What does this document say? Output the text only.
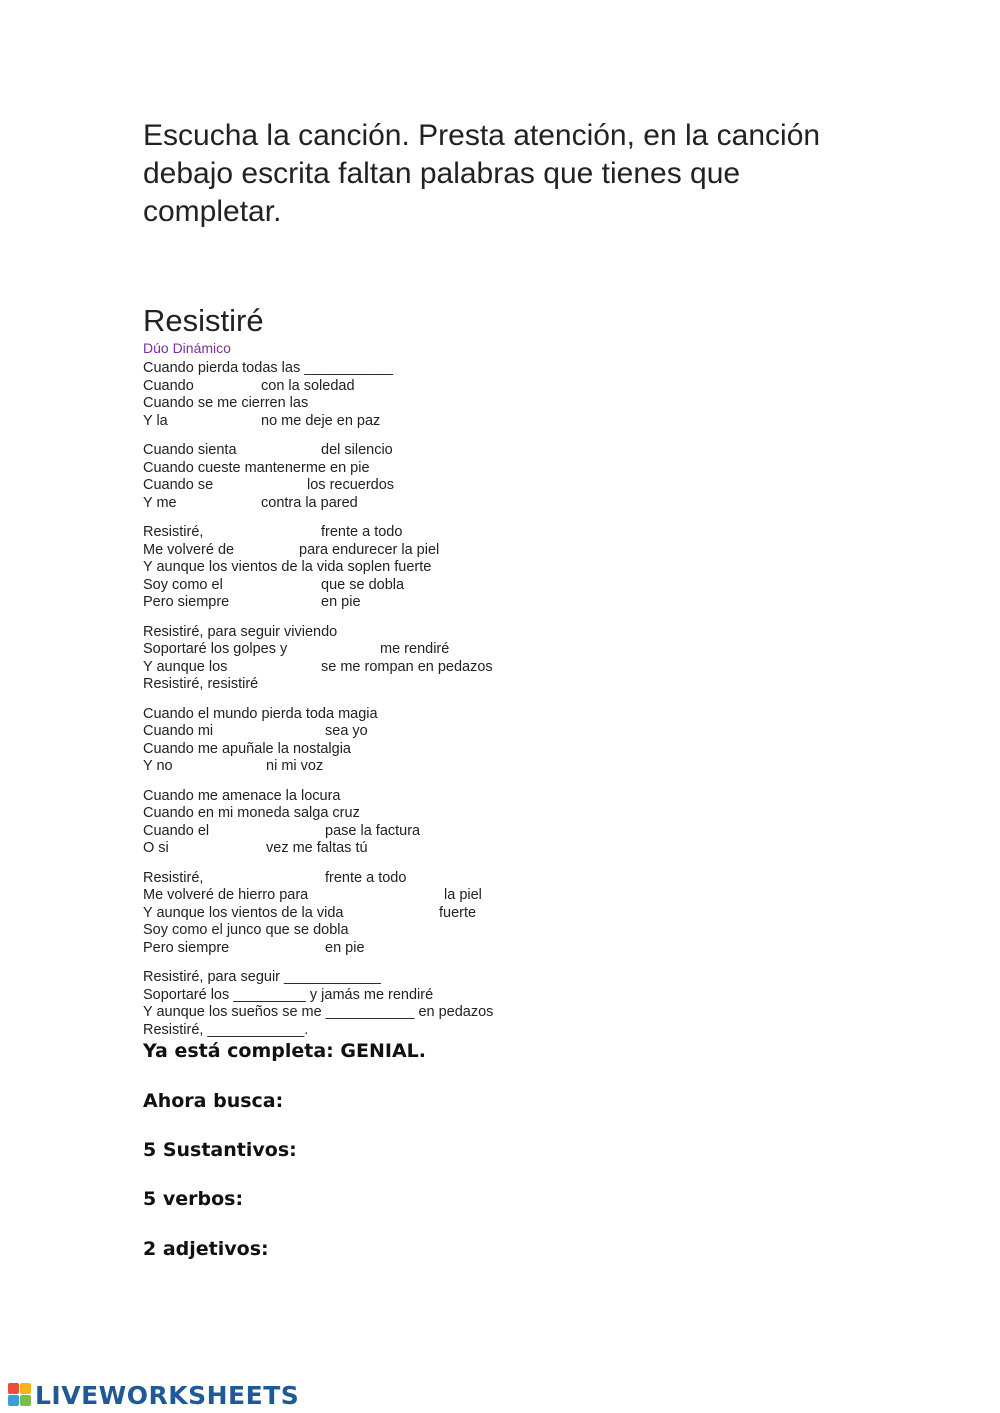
Escucha la canción. Presta atención, en la canción debajo escrita faltan palabras que tienes que completar.
Resistiré
Dúo Dinámico
Cuando pierda todas las ___________
Cuando	con la soledad
Cuando se me cierren las
Y la	no me deje en paz
Cuando sienta	del silencio
Cuando cueste mantenerme en pie
Cuando se	los recuerdos
Y me	contra la pared
Resistiré,	frente a todo
Me volveré de	para endurecer la piel
Y aunque los vientos de la vida soplen fuerte
Soy como el	que se dobla
Pero siempre	en pie
Resistiré, para seguir viviendo
Soportaré los golpes y	me rendiré
Y aunque los	se me rompan en pedazos
Resistiré, resistiré
Cuando el mundo pierda toda magia
Cuando mi	sea yo
Cuando me apuñale la nostalgia
Y no	ni mi voz
Cuando me amenace la locura
Cuando en mi moneda salga cruz
Cuando el	pase la factura
O si	vez me faltas tú
Resistiré,	frente a todo
Me volveré de hierro para	la piel
Y aunque los vientos de la vida	fuerte
Soy como el junco que se dobla
Pero siempre	en pie
Resistiré, para seguir ____________
Soportaré los _________ y jamás me rendiré
Y aunque los sueños se me ___________ en pedazos
Resistiré, ____________.
Ya está completa: GENIAL.
Ahora busca:
5 Sustantivos:
5 verbos:
2 adjetivos:
LIVEWORKSHEETS
